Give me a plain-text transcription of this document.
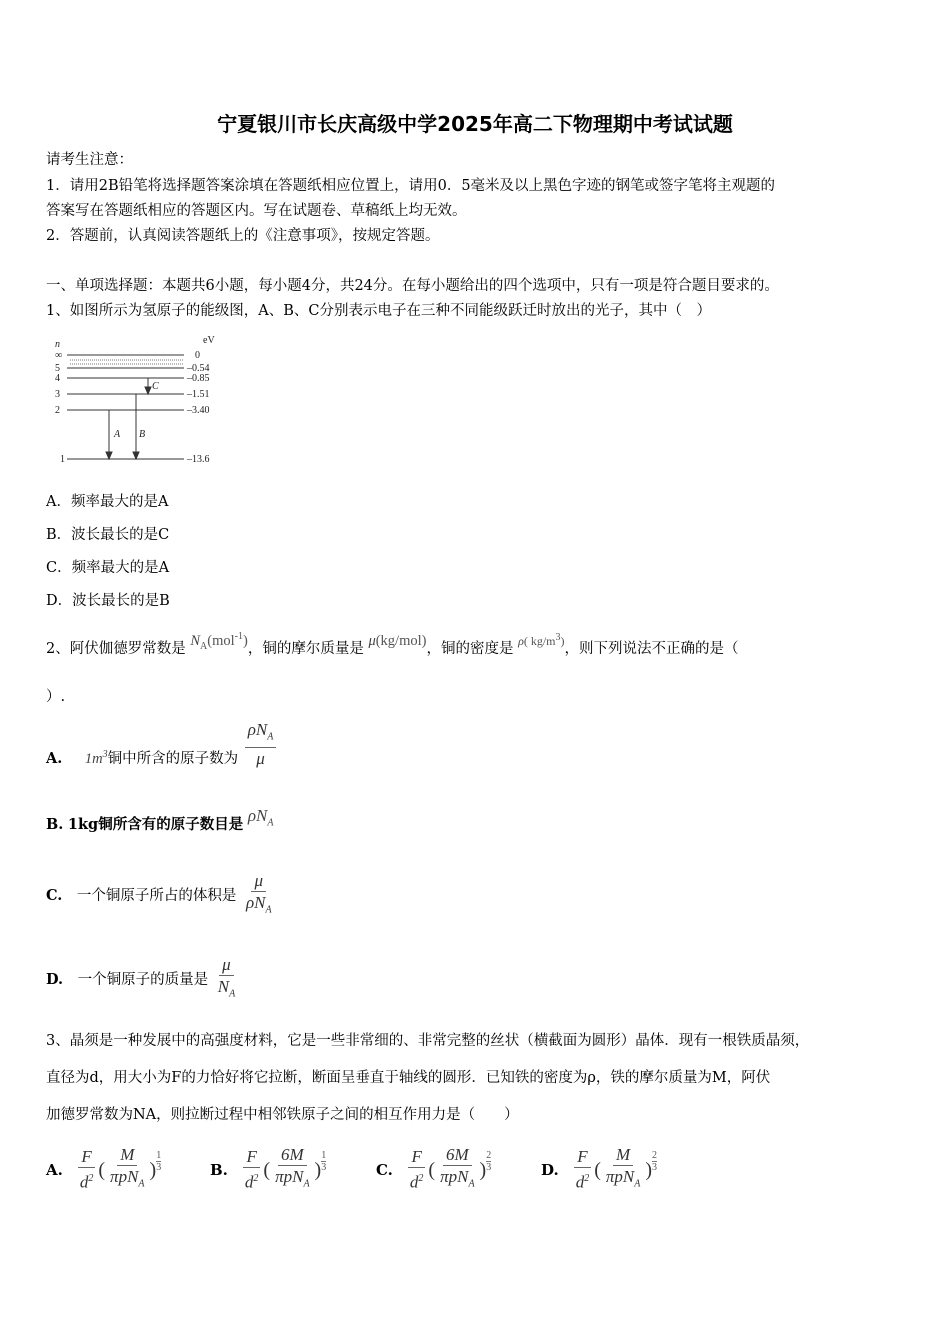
宁夏银川市长庆高级中学2025年高二下物理期中考试试题
请考生注意：
1．请用2B铅笔将选择题答案涂填在答题纸相应位置上，请用0．5毫米及以上黑色字迹的钢笔或签字笔将主观题的
答案写在答题纸相应的答题区内。写在试题卷、草稿纸上均无效。
2．答题前，认真阅读答题纸上的《注意事项》，按规定答题。
一、单项选择题：本题共6小题，每小题4分，共24分。在每小题给出的四个选项中，只有一项是符合题目要求的。
1、如图所示为氢原子的能级图，A、B、C分别表示电子在三种不同能级跃迁时放出的光子，其中（　）
n	eV
∞	0
5	–0.54
4	–0.85
3	–1.51
2	–3.40
1	–13.6
A B
C
A．频率最大的是A
B．波长最长的是C
C．频率最大的是A
D．波长最长的是B
2、阿伏伽德罗常数是 $N_A(mol^{-1})$，铜的摩尔质量是 μ(kg/mol)，铜的密度是 $^{\rho( kg/m^3)}$，则下列说法不正确的是（
）.
A. $1m^3$铜中所含的原子数为 $\frac{\rho N_A}{\mu}$
B. 1kg铜所含有的原子数目是 $\rho N_A$
C.　 一个铜原子所占的体积是 $\frac{\mu}{\rho N_A}$
D.　 一个铜原子的质量是 $\frac{\mu}{N_A}$
3、晶须是一种发展中的高强度材料，它是一些非常细的、非常完整的丝状（横截面为圆形）晶体．现有一根铁质晶须，
直径为d，用大小为F的力恰好将它拉断，断面呈垂直于轴线的圆形．已知铁的密度为ρ，铁的摩尔质量为M，阿伏
加德罗常数为NA，则拉断过程中相邻铁原子之间的相互作用力是（　　）
A. $\frac{F}{d^2}$ ( $\frac{M}{\pi pN_A}$ )
1
3	B. $\frac{F}{d^2}$ ( $\frac{6M}{\pi pN_A}$ )
1
3	C. $\frac{F}{d^2}$ ( $\frac{6M}{\pi pN_A}$ )
2
3	D. $\frac{F}{d^2}$ ( $\frac{M}{\pi pN_A}$ )
2
3
